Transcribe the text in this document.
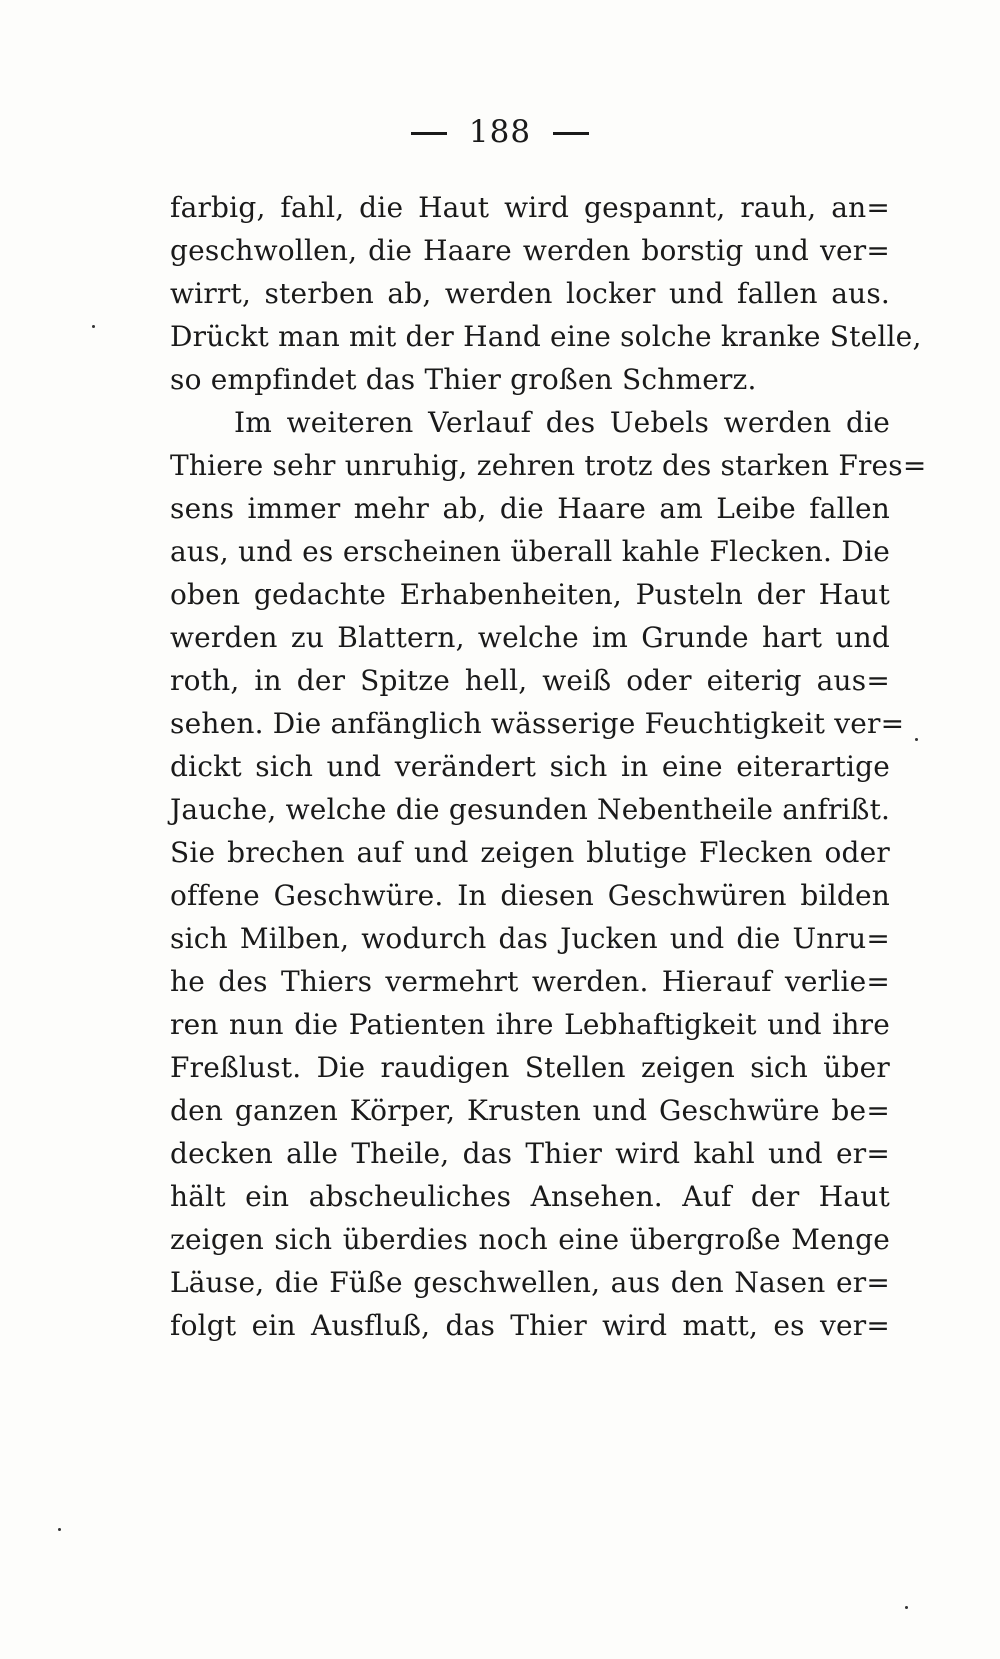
188
farbig, fahl, die Haut wird gespannt, rauh, an=
geschwollen, die Haare werden borstig und ver=
wirrt, sterben ab, werden locker und fallen aus.
Drückt man mit der Hand eine solche kranke Stelle,
so empfindet das Thier großen Schmerz.
Im weiteren Verlauf des Uebels werden die
Thiere sehr unruhig, zehren trotz des starken Fres=
sens immer mehr ab, die Haare am Leibe fallen
aus, und es erscheinen überall kahle Flecken. Die
oben gedachte Erhabenheiten, Pusteln der Haut
werden zu Blattern, welche im Grunde hart und
roth, in der Spitze hell, weiß oder eiterig aus=
sehen. Die anfänglich wässerige Feuchtigkeit ver=
dickt sich und verändert sich in eine eiterartige
Jauche, welche die gesunden Nebentheile anfrißt.
Sie brechen auf und zeigen blutige Flecken oder
offene Geschwüre. In diesen Geschwüren bilden
sich Milben, wodurch das Jucken und die Unru=
he des Thiers vermehrt werden. Hierauf verlie=
ren nun die Patienten ihre Lebhaftigkeit und ihre
Freßlust. Die raudigen Stellen zeigen sich über
den ganzen Körper, Krusten und Geschwüre be=
decken alle Theile, das Thier wird kahl und er=
hält ein abscheuliches Ansehen. Auf der Haut
zeigen sich überdies noch eine übergroße Menge
Läuse, die Füße geschwellen, aus den Nasen er=
folgt ein Ausfluß, das Thier wird matt, es ver=
